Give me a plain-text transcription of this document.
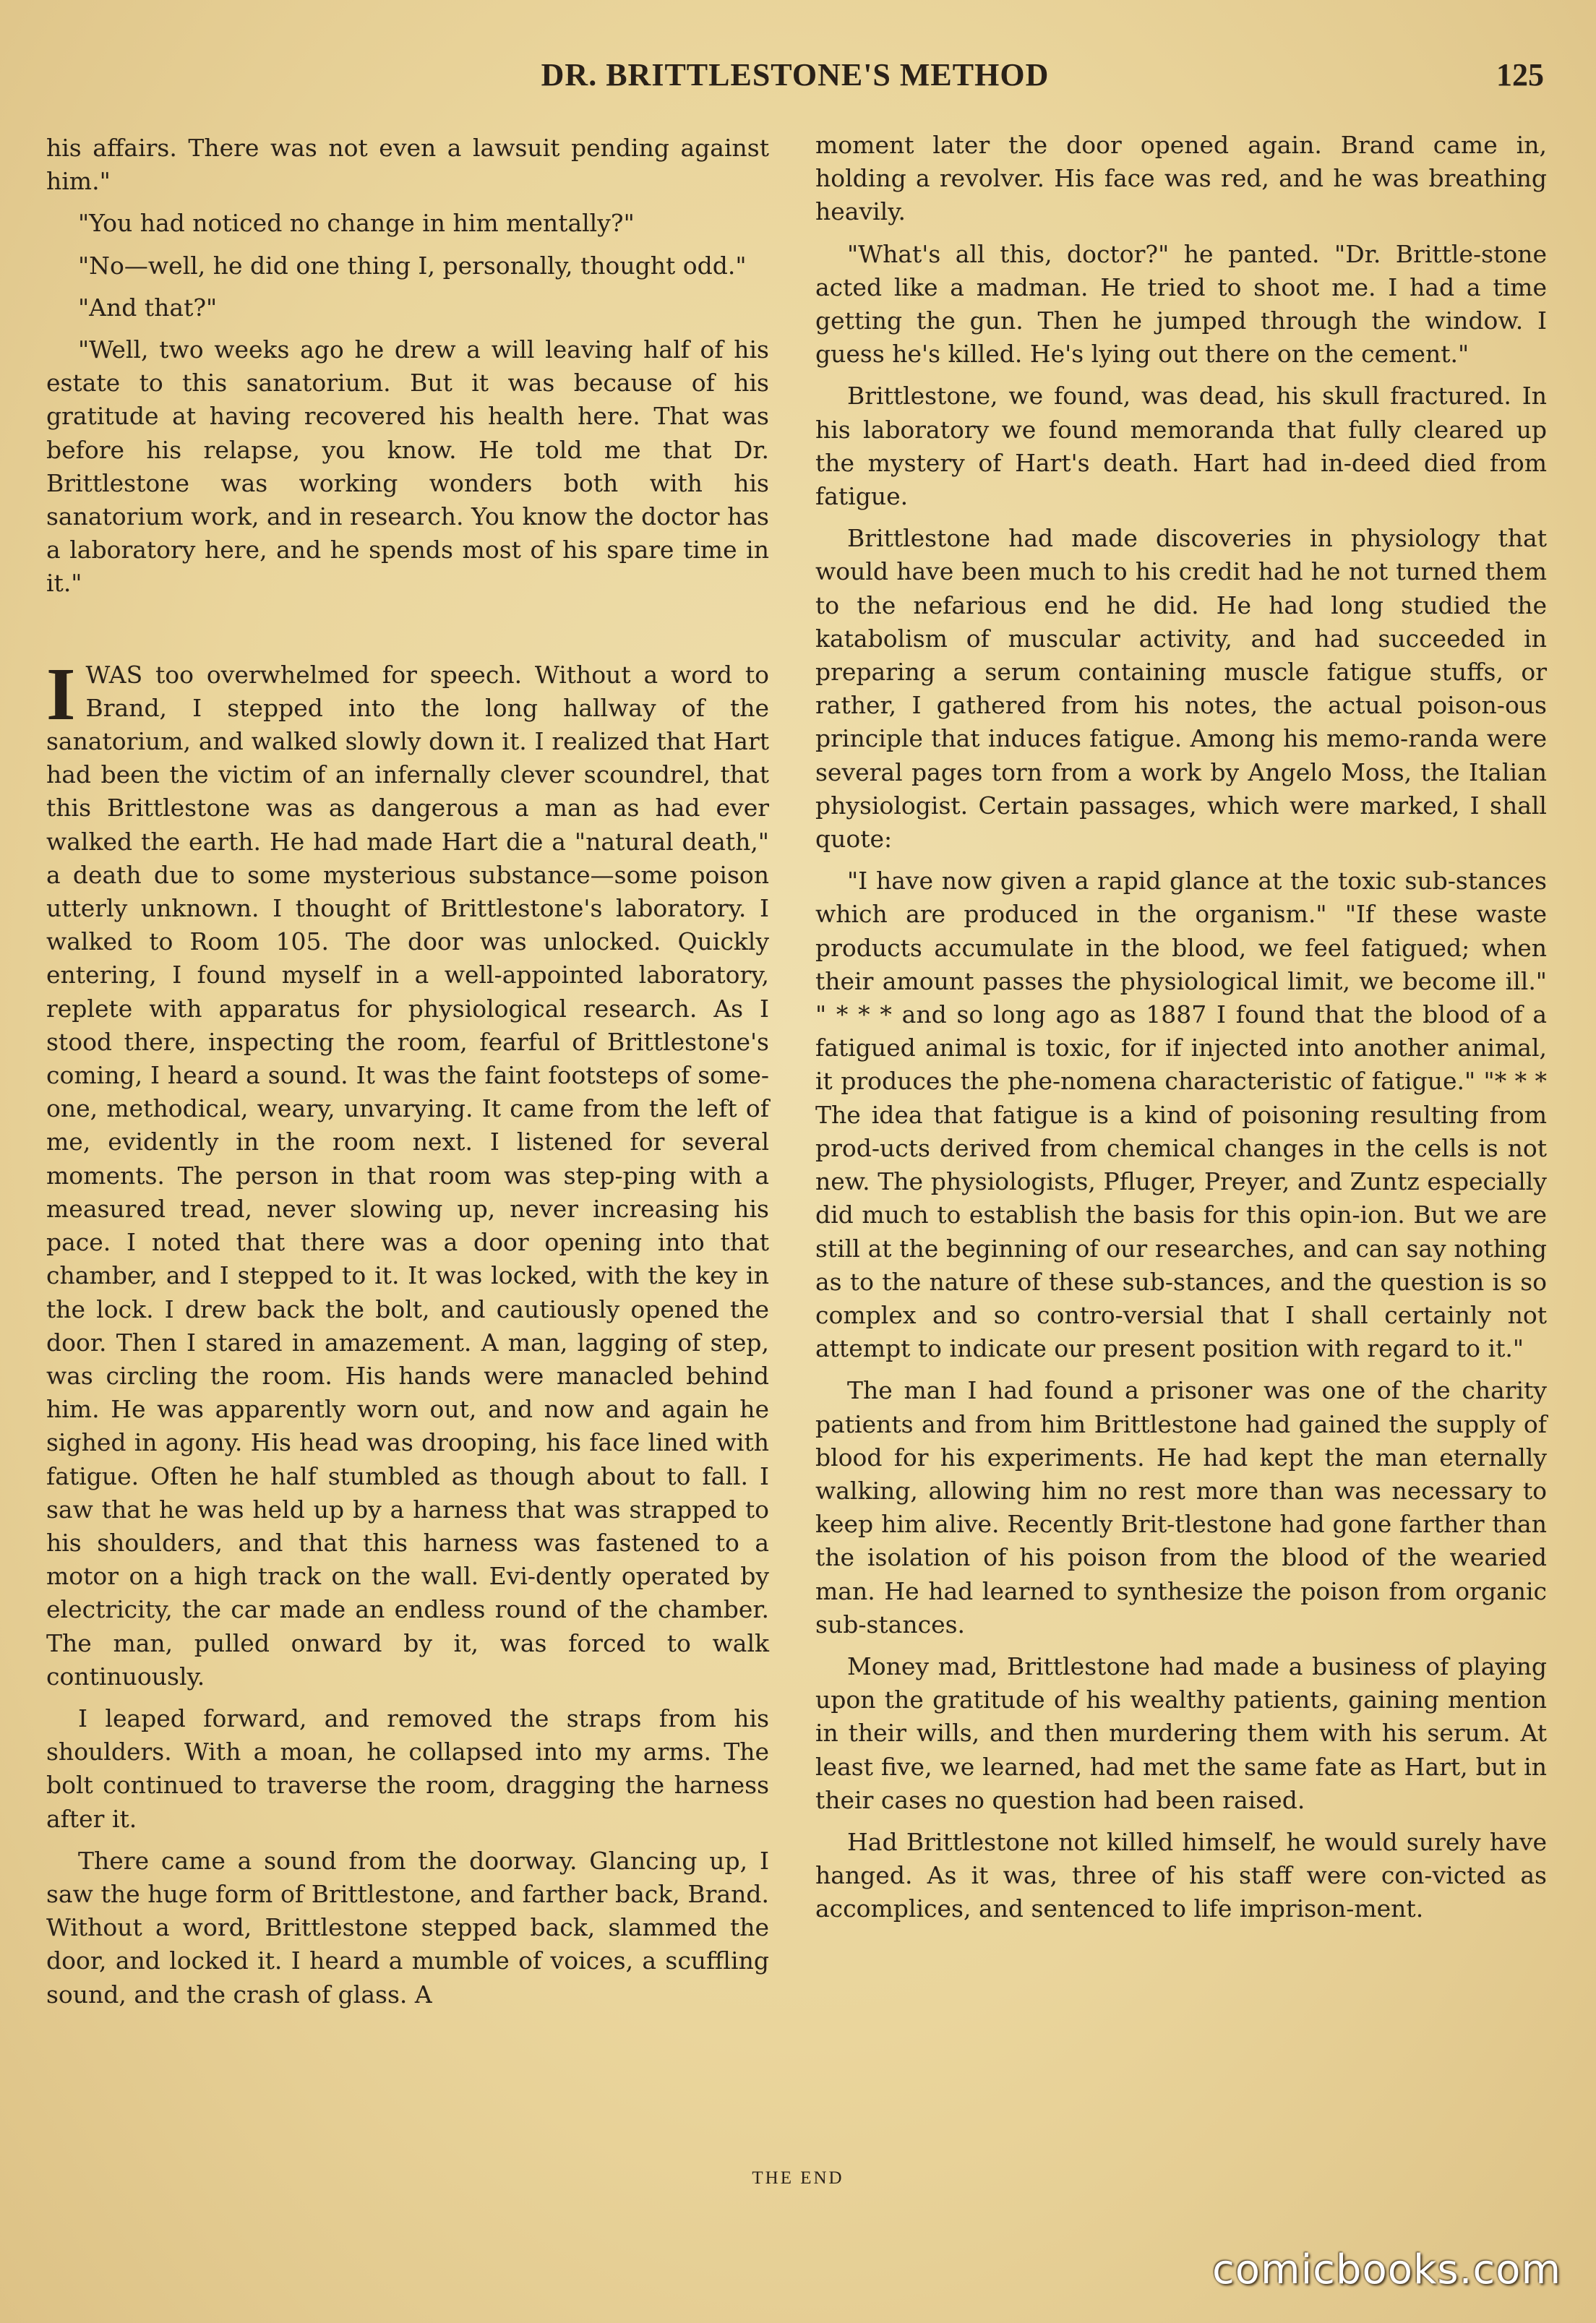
DR. BRITTLESTONE'S METHOD	125

his affairs. There was not even a lawsuit pending against him."

"You had noticed no change in him mentally?"

"No—well, he did one thing I, personally, thought odd."

"And that?"

"Well, two weeks ago he drew a will leaving half of his estate to this sanatorium. But it was because of his gratitude at having recovered his health here. That was before his relapse, you know. He told me that Dr. Brittlestone was working wonders both with his sanatorium work, and in research. You know the doctor has a laboratory here, and he spends most of his spare time in it."

IWAS too overwhelmed for speech. Without a word to Brand, I stepped into the long hallway of the sanatorium, and walked slowly down it. I realized that Hart had been the victim of an infernally clever scoundrel, that this Brittlestone was as dangerous a man as had ever walked the earth. He had made Hart die a "natural death," a death due to some mysterious substance—some poison utterly unknown. I thought of Brittlestone's laboratory. I walked to Room 105. The door was unlocked. Quickly entering, I found myself in a well-appointed laboratory, replete with apparatus for physiological research. As I stood there, inspecting the room, fearful of Brittlestone's coming, I heard a sound. It was the faint footsteps of some-one, methodical, weary, unvarying. It came from the left of me, evidently in the room next. I listened for several moments. The person in that room was step-ping with a measured tread, never slowing up, never increasing his pace. I noted that there was a door opening into that chamber, and I stepped to it. It was locked, with the key in the lock. I drew back the bolt, and cautiously opened the door. Then I stared in amazement. A man, lagging of step, was circling the room. His hands were manacled behind him. He was apparently worn out, and now and again he sighed in agony. His head was drooping, his face lined with fatigue. Often he half stumbled as though about to fall. I saw that he was held up by a harness that was strapped to his shoulders, and that this harness was fastened to a motor on a high track on the wall. Evi-dently operated by electricity, the car made an endless round of the chamber. The man, pulled onward by it, was forced to walk continuously.

I leaped forward, and removed the straps from his shoulders. With a moan, he collapsed into my arms. The bolt continued to traverse the room, dragging the harness after it.

There came a sound from the doorway. Glancing up, I saw the huge form of Brittlestone, and farther back, Brand. Without a word, Brittlestone stepped back, slammed the door, and locked it. I heard a mumble of voices, a scuffling sound, and the crash of glass. A

moment later the door opened again. Brand came in, holding a revolver. His face was red, and he was breathing heavily.

"What's all this, doctor?" he panted. "Dr. Brittle-stone acted like a madman. He tried to shoot me. I had a time getting the gun. Then he jumped through the window. I guess he's killed. He's lying out there on the cement."

Brittlestone, we found, was dead, his skull fractured. In his laboratory we found memoranda that fully cleared up the mystery of Hart's death. Hart had in-deed died from fatigue.

Brittlestone had made discoveries in physiology that would have been much to his credit had he not turned them to the nefarious end he did. He had long studied the katabolism of muscular activity, and had succeeded in preparing a serum containing muscle fatigue stuffs, or rather, I gathered from his notes, the actual poison-ous principle that induces fatigue. Among his memo-randa were several pages torn from a work by Angelo Moss, the Italian physiologist. Certain passages, which were marked, I shall quote:

"I have now given a rapid glance at the toxic sub-stances which are produced in the organism." "If these waste products accumulate in the blood, we feel fatigued; when their amount passes the physiological limit, we become ill." " * * * and so long ago as 1887 I found that the blood of a fatigued animal is toxic, for if injected into another animal, it produces the phe-nomena characteristic of fatigue." "* * * The idea that fatigue is a kind of poisoning resulting from prod-ucts derived from chemical changes in the cells is not new. The physiologists, Pfluger, Preyer, and Zuntz especially did much to establish the basis for this opin-ion. But we are still at the beginning of our researches, and can say nothing as to the nature of these sub-stances, and the question is so complex and so contro-versial that I shall certainly not attempt to indicate our present position with regard to it."

The man I had found a prisoner was one of the charity patients and from him Brittlestone had gained the supply of blood for his experiments. He had kept the man eternally walking, allowing him no rest more than was necessary to keep him alive. Recently Brit-tlestone had gone farther than the isolation of his poison from the blood of the wearied man. He had learned to synthesize the poison from organic sub-stances.

Money mad, Brittlestone had made a business of playing upon the gratitude of his wealthy patients, gaining mention in their wills, and then murdering them with his serum. At least five, we learned, had met the same fate as Hart, but in their cases no question had been raised.

Had Brittlestone not killed himself, he would surely have hanged. As it was, three of his staff were con-victed as accomplices, and sentenced to life imprison-ment.

THE END
comicbooks.com
